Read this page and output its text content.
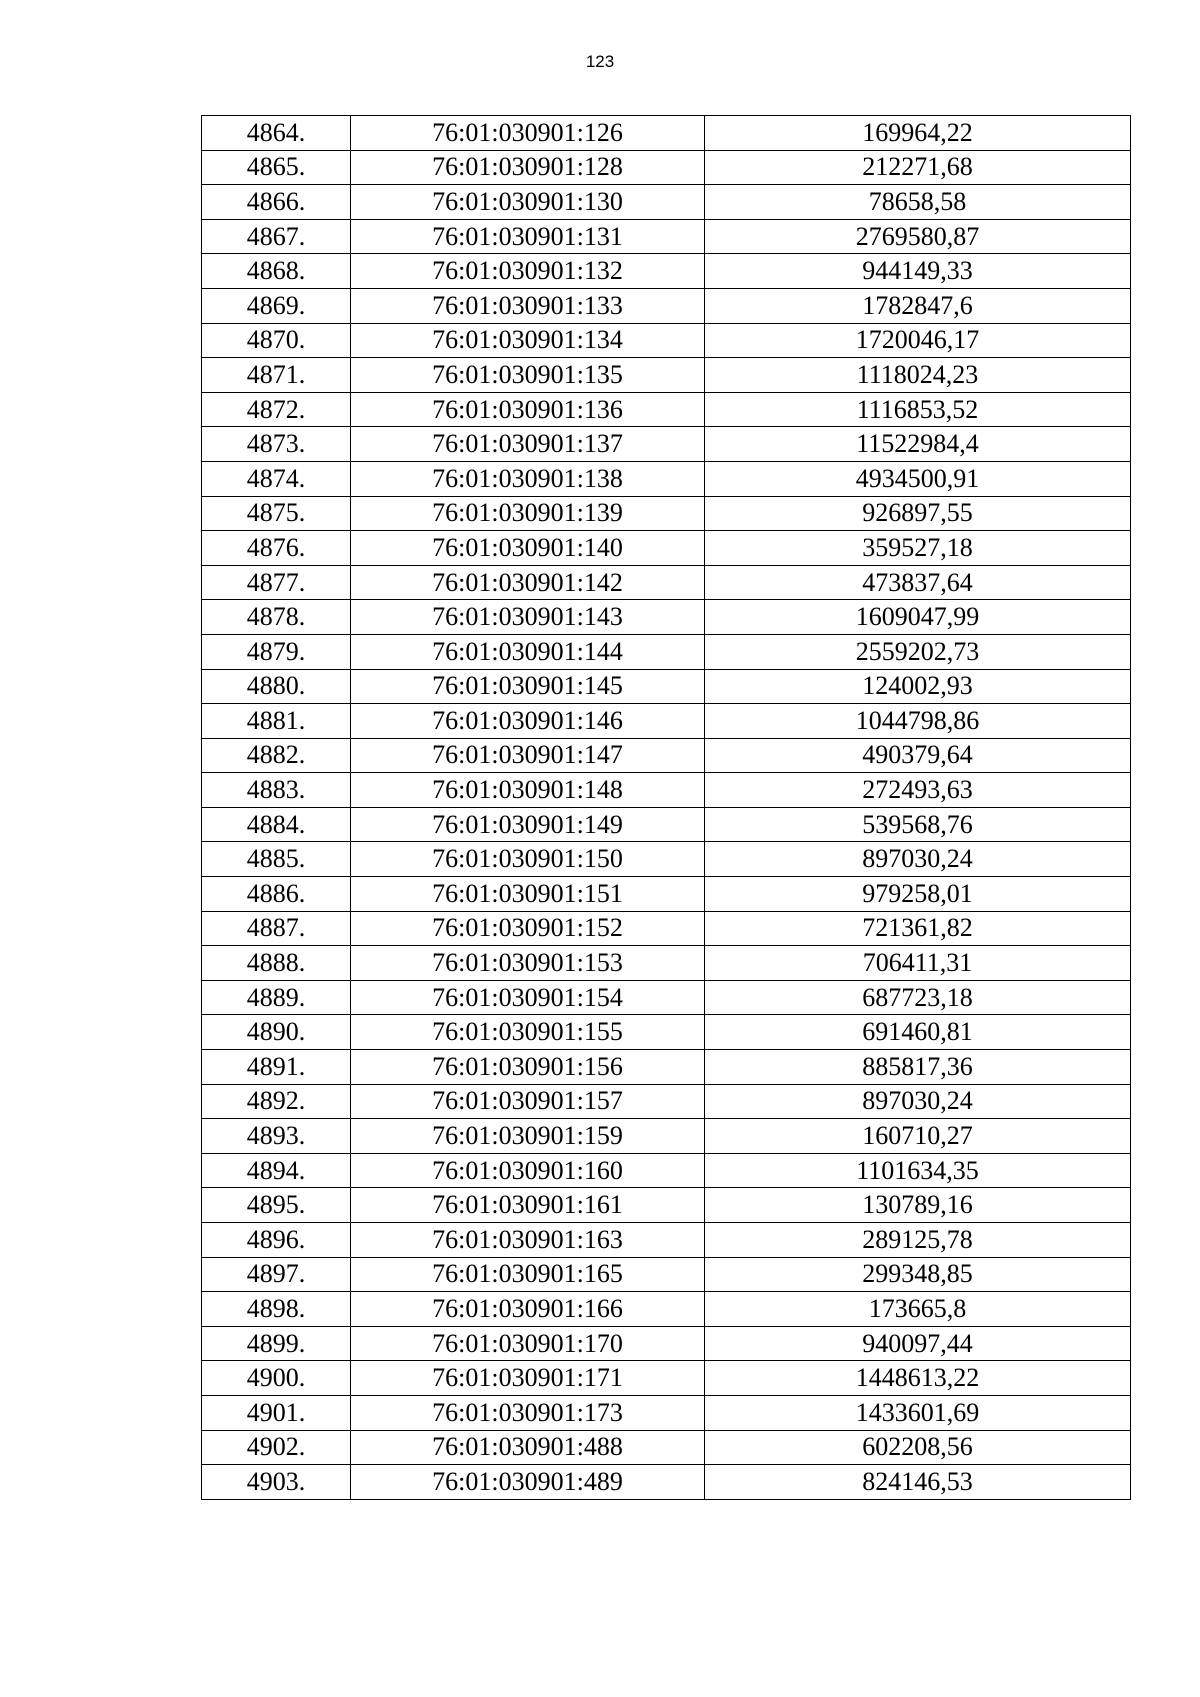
123
4864.	76:01:030901:126	169964,22
4865.	76:01:030901:128	212271,68
4866.	76:01:030901:130	78658,58
4867.	76:01:030901:131	2769580,87
4868.	76:01:030901:132	944149,33
4869.	76:01:030901:133	1782847,6
4870.	76:01:030901:134	1720046,17
4871.	76:01:030901:135	1118024,23
4872.	76:01:030901:136	1116853,52
4873.	76:01:030901:137	11522984,4
4874.	76:01:030901:138	4934500,91
4875.	76:01:030901:139	926897,55
4876.	76:01:030901:140	359527,18
4877.	76:01:030901:142	473837,64
4878.	76:01:030901:143	1609047,99
4879.	76:01:030901:144	2559202,73
4880.	76:01:030901:145	124002,93
4881.	76:01:030901:146	1044798,86
4882.	76:01:030901:147	490379,64
4883.	76:01:030901:148	272493,63
4884.	76:01:030901:149	539568,76
4885.	76:01:030901:150	897030,24
4886.	76:01:030901:151	979258,01
4887.	76:01:030901:152	721361,82
4888.	76:01:030901:153	706411,31
4889.	76:01:030901:154	687723,18
4890.	76:01:030901:155	691460,81
4891.	76:01:030901:156	885817,36
4892.	76:01:030901:157	897030,24
4893.	76:01:030901:159	160710,27
4894.	76:01:030901:160	1101634,35
4895.	76:01:030901:161	130789,16
4896.	76:01:030901:163	289125,78
4897.	76:01:030901:165	299348,85
4898.	76:01:030901:166	173665,8
4899.	76:01:030901:170	940097,44
4900.	76:01:030901:171	1448613,22
4901.	76:01:030901:173	1433601,69
4902.	76:01:030901:488	602208,56
4903.	76:01:030901:489	824146,53
